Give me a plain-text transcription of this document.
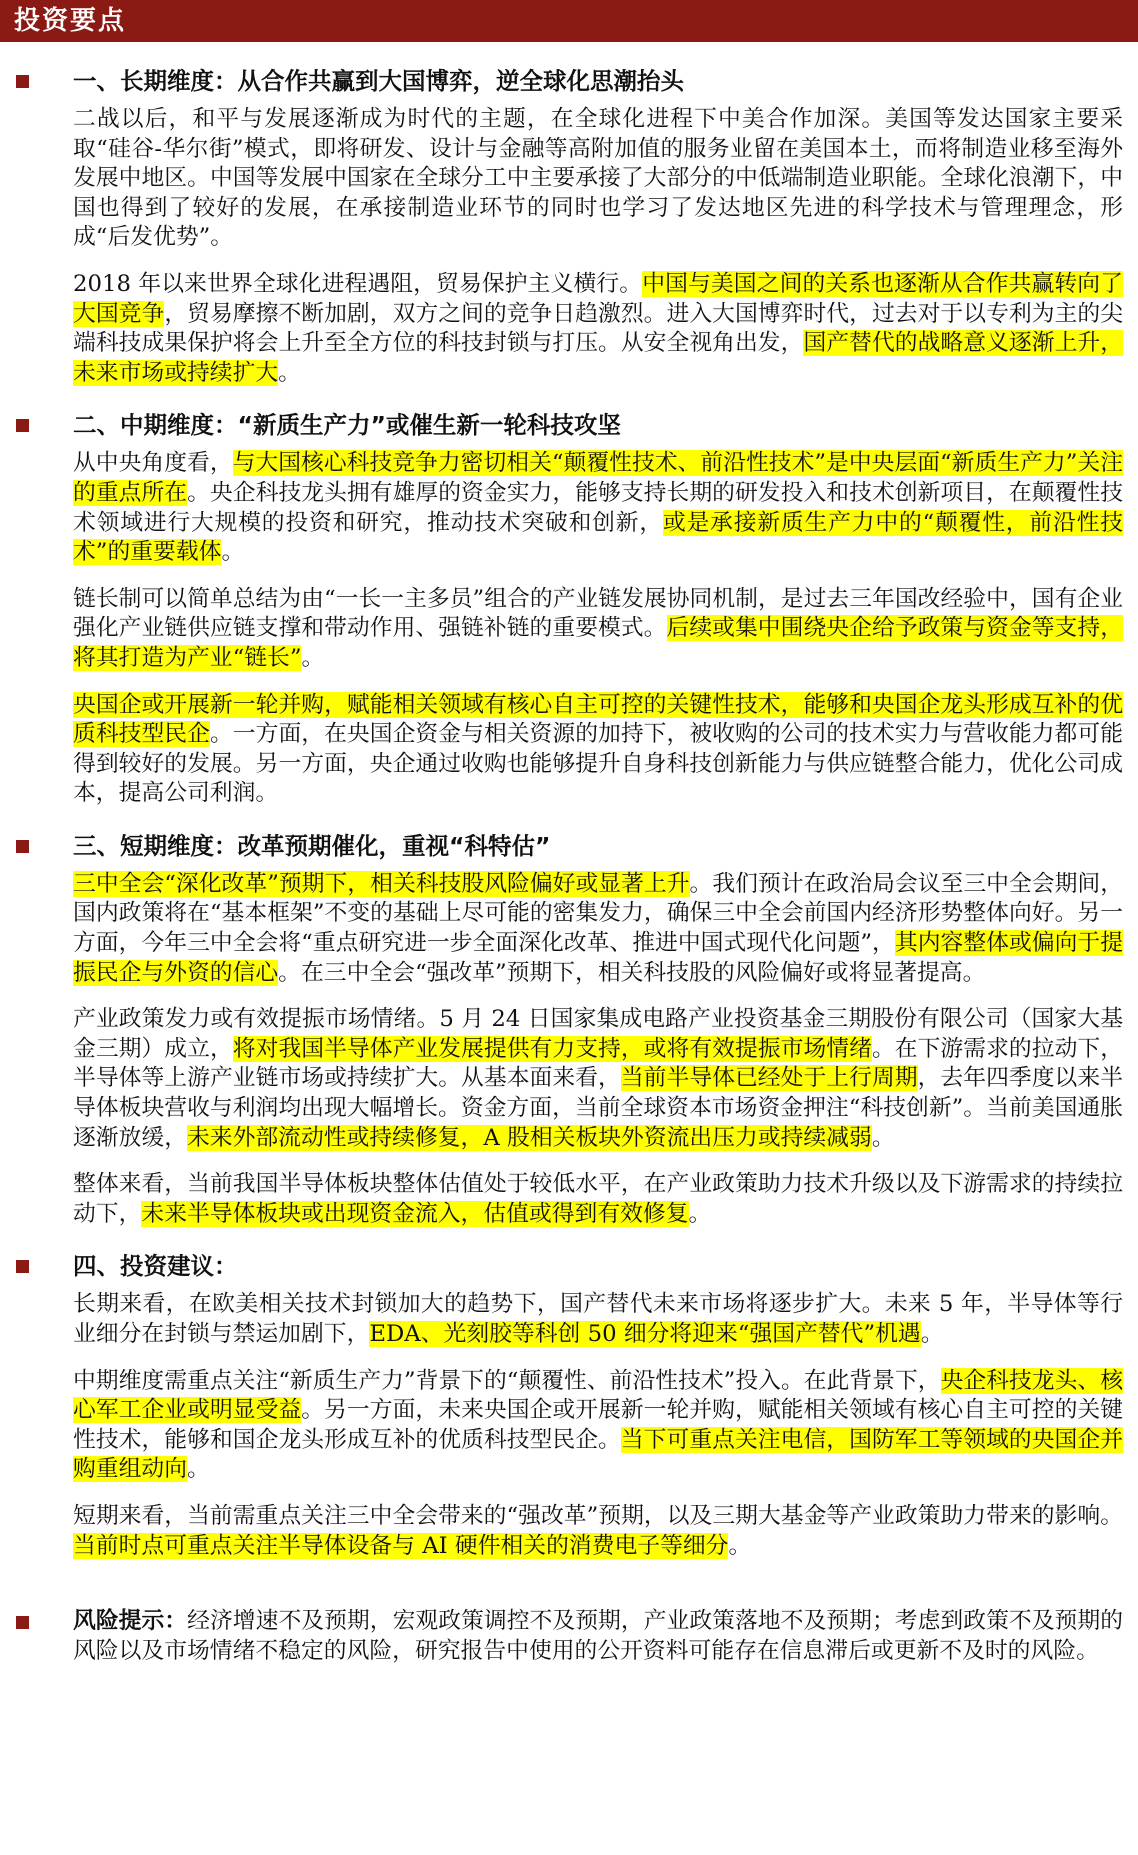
投资要点
一、长期维度：从合作共赢到大国博弈，逆全球化思潮抬头

二战以后，和平与发展逐渐成为时代的主题，在全球化进程下中美合作加深。美国等发达国家主要采取“硅谷-华尔街”模式，即将研发、设计与金融等高附加值的服务业留在美国本土，而将制造业移至海外发展中地区。中国等发展中国家在全球分工中主要承接了大部分的中低端制造业职能。全球化浪潮下，中国也得到了较好的发展，在承接制造业环节的同时也学习了发达地区先进的科学技术与管理理念，形成“后发优势”。

2018 年以来世界全球化进程遇阻，贸易保护主义横行。中国与美国之间的关系也逐渐从合作共赢转向了大国竞争，贸易摩擦不断加剧，双方之间的竞争日趋激烈。进入大国博弈时代，过去对于以专利为主的尖端科技成果保护将会上升至全方位的科技封锁与打压。从安全视角出发，国产替代的战略意义逐渐上升，未来市场或持续扩大。

二、中期维度：“新质生产力”或催生新一轮科技攻坚

从中央角度看，与大国核心科技竞争力密切相关“颠覆性技术、前沿性技术”是中央层面“新质生产力”关注的重点所在。央企科技龙头拥有雄厚的资金实力，能够支持长期的研发投入和技术创新项目，在颠覆性技术领域进行大规模的投资和研究，推动技术突破和创新，或是承接新质生产力中的“颠覆性，前沿性技术”的重要载体。

链长制可以简单总结为由“一长一主多员”组合的产业链发展协同机制，是过去三年国改经验中，国有企业强化产业链供应链支撑和带动作用、强链补链的重要模式。后续或集中围绕央企给予政策与资金等支持，将其打造为产业“链长”。

央国企或开展新一轮并购，赋能相关领域有核心自主可控的关键性技术，能够和央国企龙头形成互补的优质科技型民企。一方面，在央国企资金与相关资源的加持下，被收购的公司的技术实力与营收能力都可能得到较好的发展。另一方面，央企通过收购也能够提升自身科技创新能力与供应链整合能力，优化公司成本，提高公司利润。

三、短期维度：改革预期催化，重视“科特估”

三中全会“深化改革”预期下，相关科技股风险偏好或显著上升。我们预计在政治局会议至三中全会期间，国内政策将在“基本框架”不变的基础上尽可能的密集发力，确保三中全会前国内经济形势整体向好。另一方面，今年三中全会将“重点研究进一步全面深化改革、推进中国式现代化问题”，其内容整体或偏向于提振民企与外资的信心。在三中全会“强改革”预期下，相关科技股的风险偏好或将显著提高。

产业政策发力或有效提振市场情绪。5 月 24 日国家集成电路产业投资基金三期股份有限公司（国家大基金三期）成立，将对我国半导体产业发展提供有力支持，或将有效提振市场情绪。在下游需求的拉动下，半导体等上游产业链市场或持续扩大。从基本面来看，当前半导体已经处于上行周期，去年四季度以来半导体板块营收与利润均出现大幅增长。资金方面，当前全球资本市场资金押注“科技创新”。当前美国通胀逐渐放缓，未来外部流动性或持续修复，A 股相关板块外资流出压力或持续减弱。

整体来看，当前我国半导体板块整体估值处于较低水平，在产业政策助力技术升级以及下游需求的持续拉动下，未来半导体板块或出现资金流入，估值或得到有效修复。

四、投资建议：

长期来看，在欧美相关技术封锁加大的趋势下，国产替代未来市场将逐步扩大。未来 5 年，半导体等行业细分在封锁与禁运加剧下，EDA、光刻胶等科创 50 细分将迎来“强国产替代”机遇。

中期维度需重点关注“新质生产力”背景下的“颠覆性、前沿性技术”投入。在此背景下，央企科技龙头、核心军工企业或明显受益。另一方面，未来央国企或开展新一轮并购，赋能相关领域有核心自主可控的关键性技术，能够和国企龙头形成互补的优质科技型民企。当下可重点关注电信，国防军工等领域的央国企并购重组动向。

短期来看，当前需重点关注三中全会带来的“强改革”预期，以及三期大基金等产业政策助力带来的影响。当前时点可重点关注半导体设备与 AI 硬件相关的消费电子等细分。

风险提示：经济增速不及预期，宏观政策调控不及预期，产业政策落地不及预期；考虑到政策不及预期的风险以及市场情绪不稳定的风险，研究报告中使用的公开资料可能存在信息滞后或更新不及时的风险。
